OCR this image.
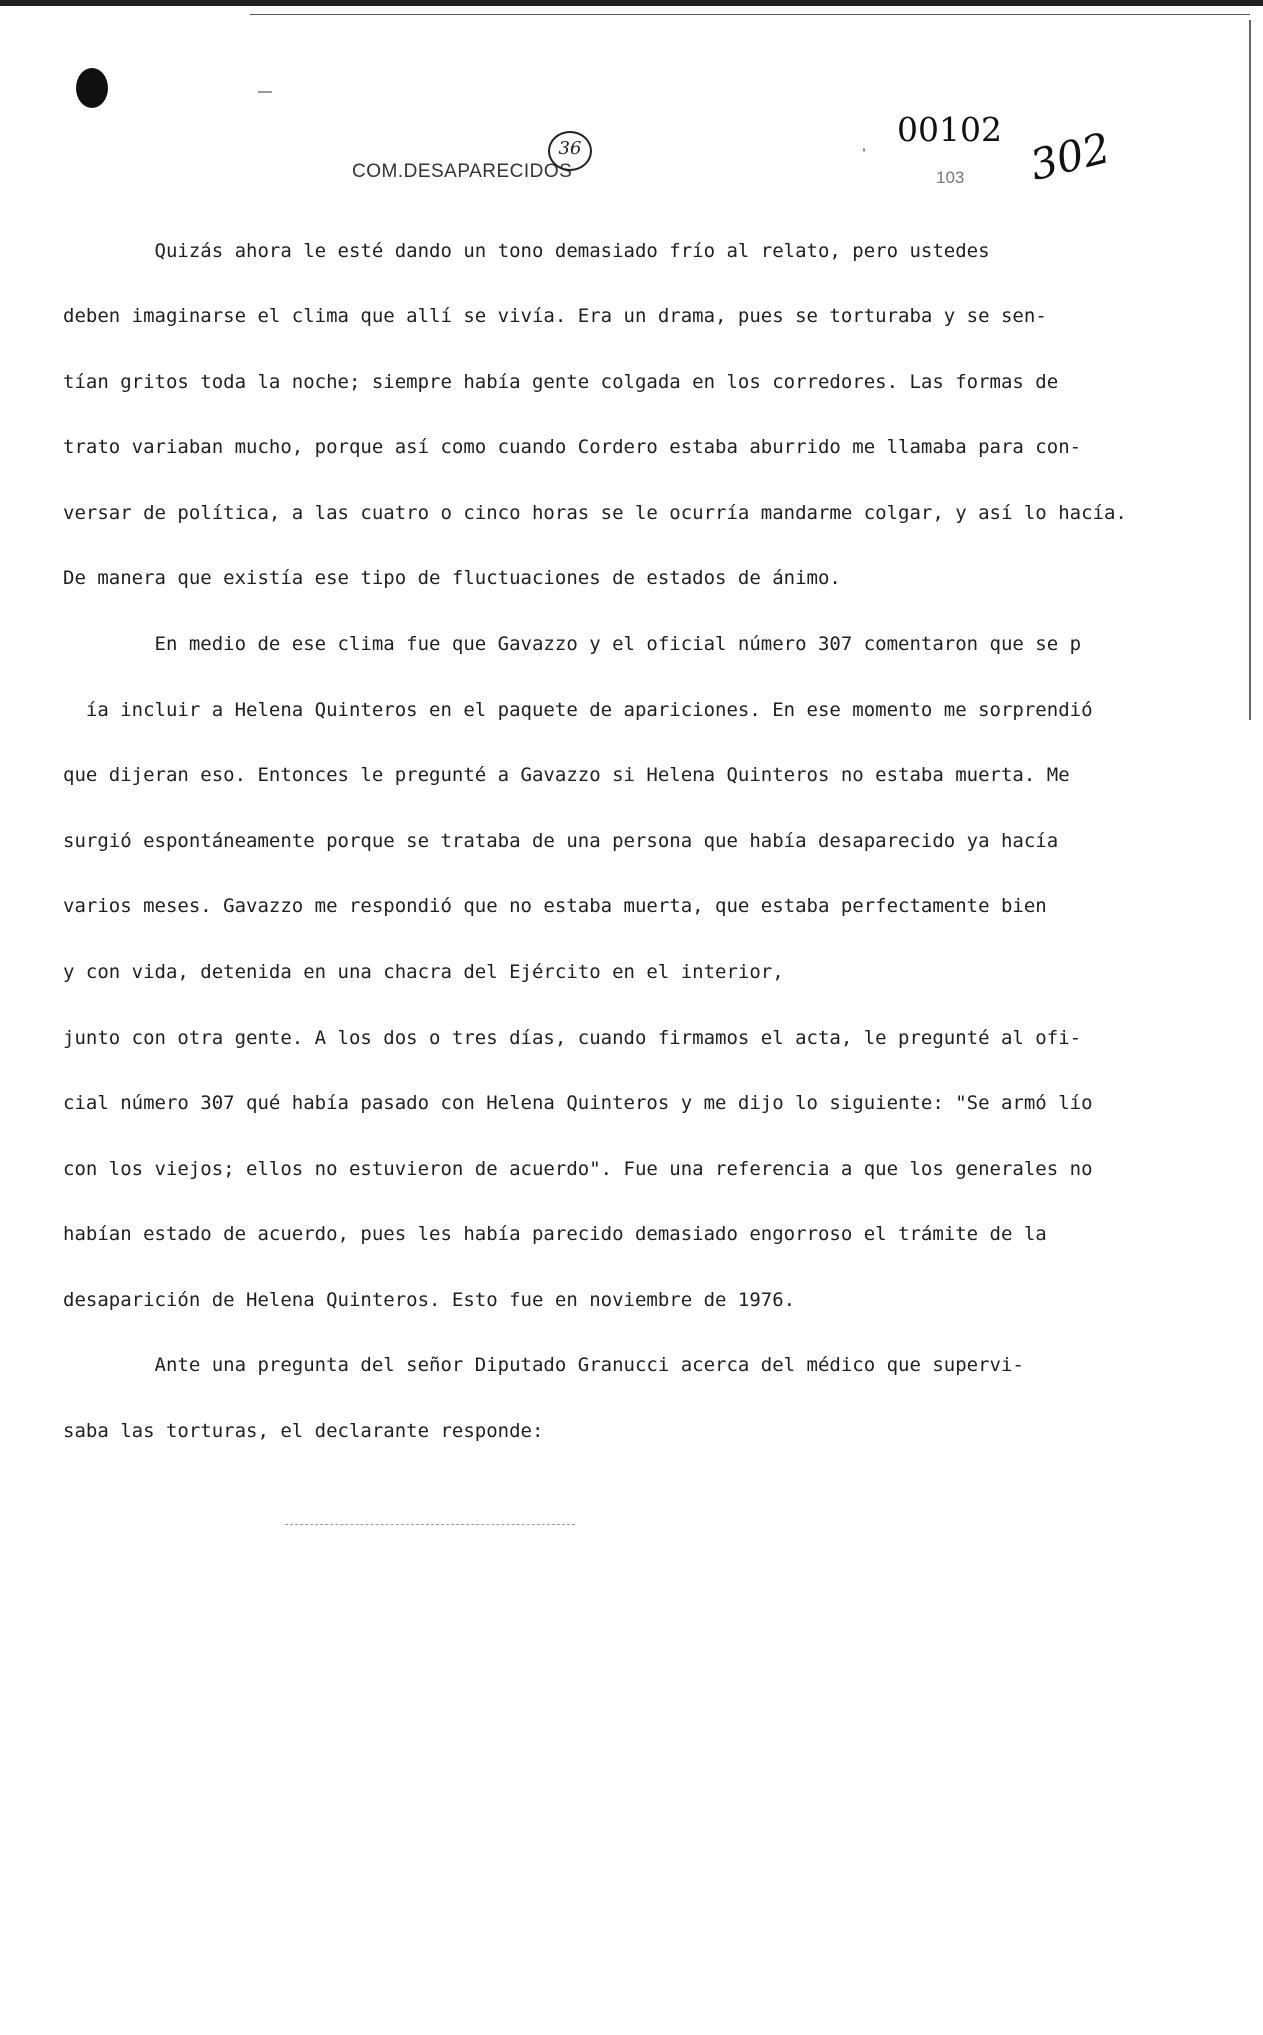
COM.DESAPARECIDOS
36	, 00102
103 302
Quizás ahora le esté dando un tono demasiado frío al relato, pero ustedes
deben imaginarse el clima que allí se vivía. Era un drama, pues se torturaba y se sen-
tían gritos toda la noche; siempre había gente colgada en los corredores. Las formas de
trato variaban mucho, porque así como cuando Cordero estaba aburrido me llamaba para con-
versar de política, a las cuatro o cinco horas se le ocurría mandarme colgar, y así lo hacía.
De manera que existía ese tipo de fluctuaciones de estados de ánimo.
En medio de ese clima fue que Gavazzo y el oficial número 307 comentaron que se p
ía incluir a Helena Quinteros en el paquete de apariciones. En ese momento me sorprendió
que dijeran eso. Entonces le pregunté a Gavazzo si Helena Quinteros no estaba muerta. Me
surgió espontáneamente porque se trataba de una persona que había desaparecido ya hacía
varios meses. Gavazzo me respondió que no estaba muerta, que estaba perfectamente bien
y con vida, detenida en una chacra del Ejército en el interior,
junto con otra gente. A los dos o tres días, cuando firmamos el acta, le pregunté al ofi-
cial número 307 qué había pasado con Helena Quinteros y me dijo lo siguiente: "Se armó lío
con los viejos; ellos no estuvieron de acuerdo". Fue una referencia a que los generales no
habían estado de acuerdo, pues les había parecido demasiado engorroso el trámite de la
desaparición de Helena Quinteros. Esto fue en noviembre de 1976.
Ante una pregunta del señor Diputado Granucci acerca del médico que supervi-
saba las torturas, el declarante responde:
